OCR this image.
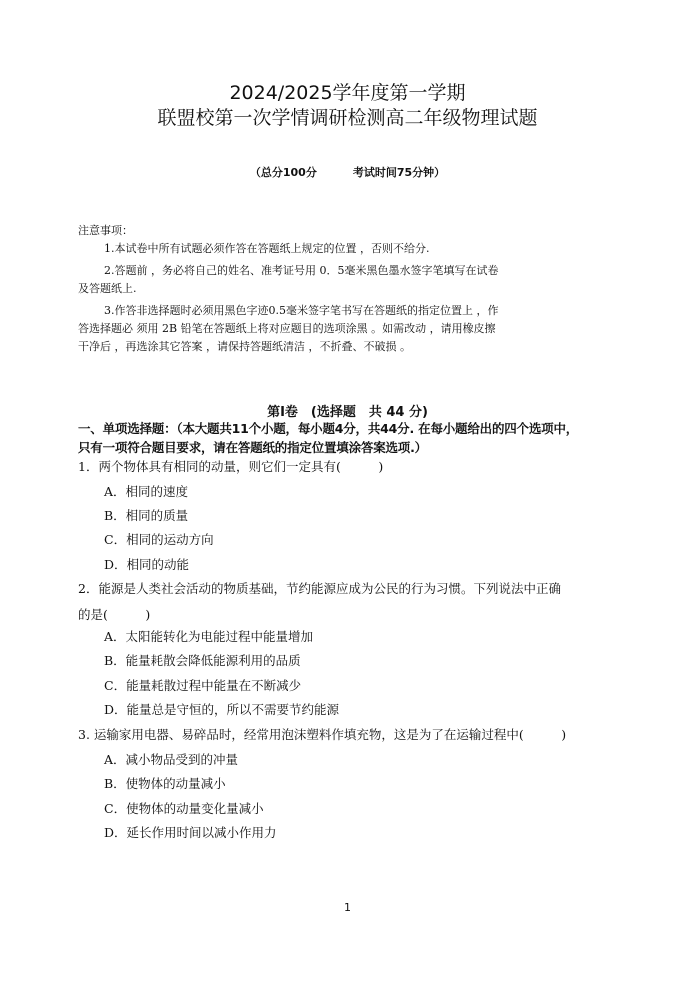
2024/2025学年度第一学期
联盟校第一次学情调研检测高二年级物理试题
（总分100分	考试时间75分钟）

注意事项：

1.本试卷中所有试题必须作答在答题纸上规定的位置 ，否则不给分.

2.答题前 ，务必将自己的姓名、准考证号用 0．5毫米黑色墨水签字笔填写在试卷

及答题纸上.

3.作答非选择题时必须用黑色字迹0.5毫米签字笔书写在答题纸的指定位置上 ，作

答选择题必 须用 2B 铅笔在答题纸上将对应题目的选项涂黑 。如需改动 ，请用橡皮擦

干净后 ，再选涂其它答案 ，请保持答题纸清洁 ，不折叠、不破损 。

第Ⅰ卷　(选择题　共 44 分)

一、单项选择题：（本大题共11个小题，每小题4分，共44分. 在每小题给出的四个选项中，

只有一项符合题目要求，请在答题纸的指定位置填涂答案选项.）

1．两个物体具有相同的动量，则它们一定具有(　　　)
A．相同的速度
B．相同的质量
C．相同的运动方向
D．相同的动能
2．能源是人类社会活动的物质基础，节约能源应成为公民的行为习惯。下列说法中正确
的是(　　　)
A．太阳能转化为电能过程中能量增加
B．能量耗散会降低能源利用的品质
C．能量耗散过程中能量在不断减少
D．能量总是守恒的，所以不需要节约能源
3. 运输家用电器、易碎品时，经常用泡沫塑料作填充物，这是为了在运输过程中(　　　)
A．减小物品受到的冲量
B．使物体的动量减小
C．使物体的动量变化量减小
D．延长作用时间以减小作用力
1
